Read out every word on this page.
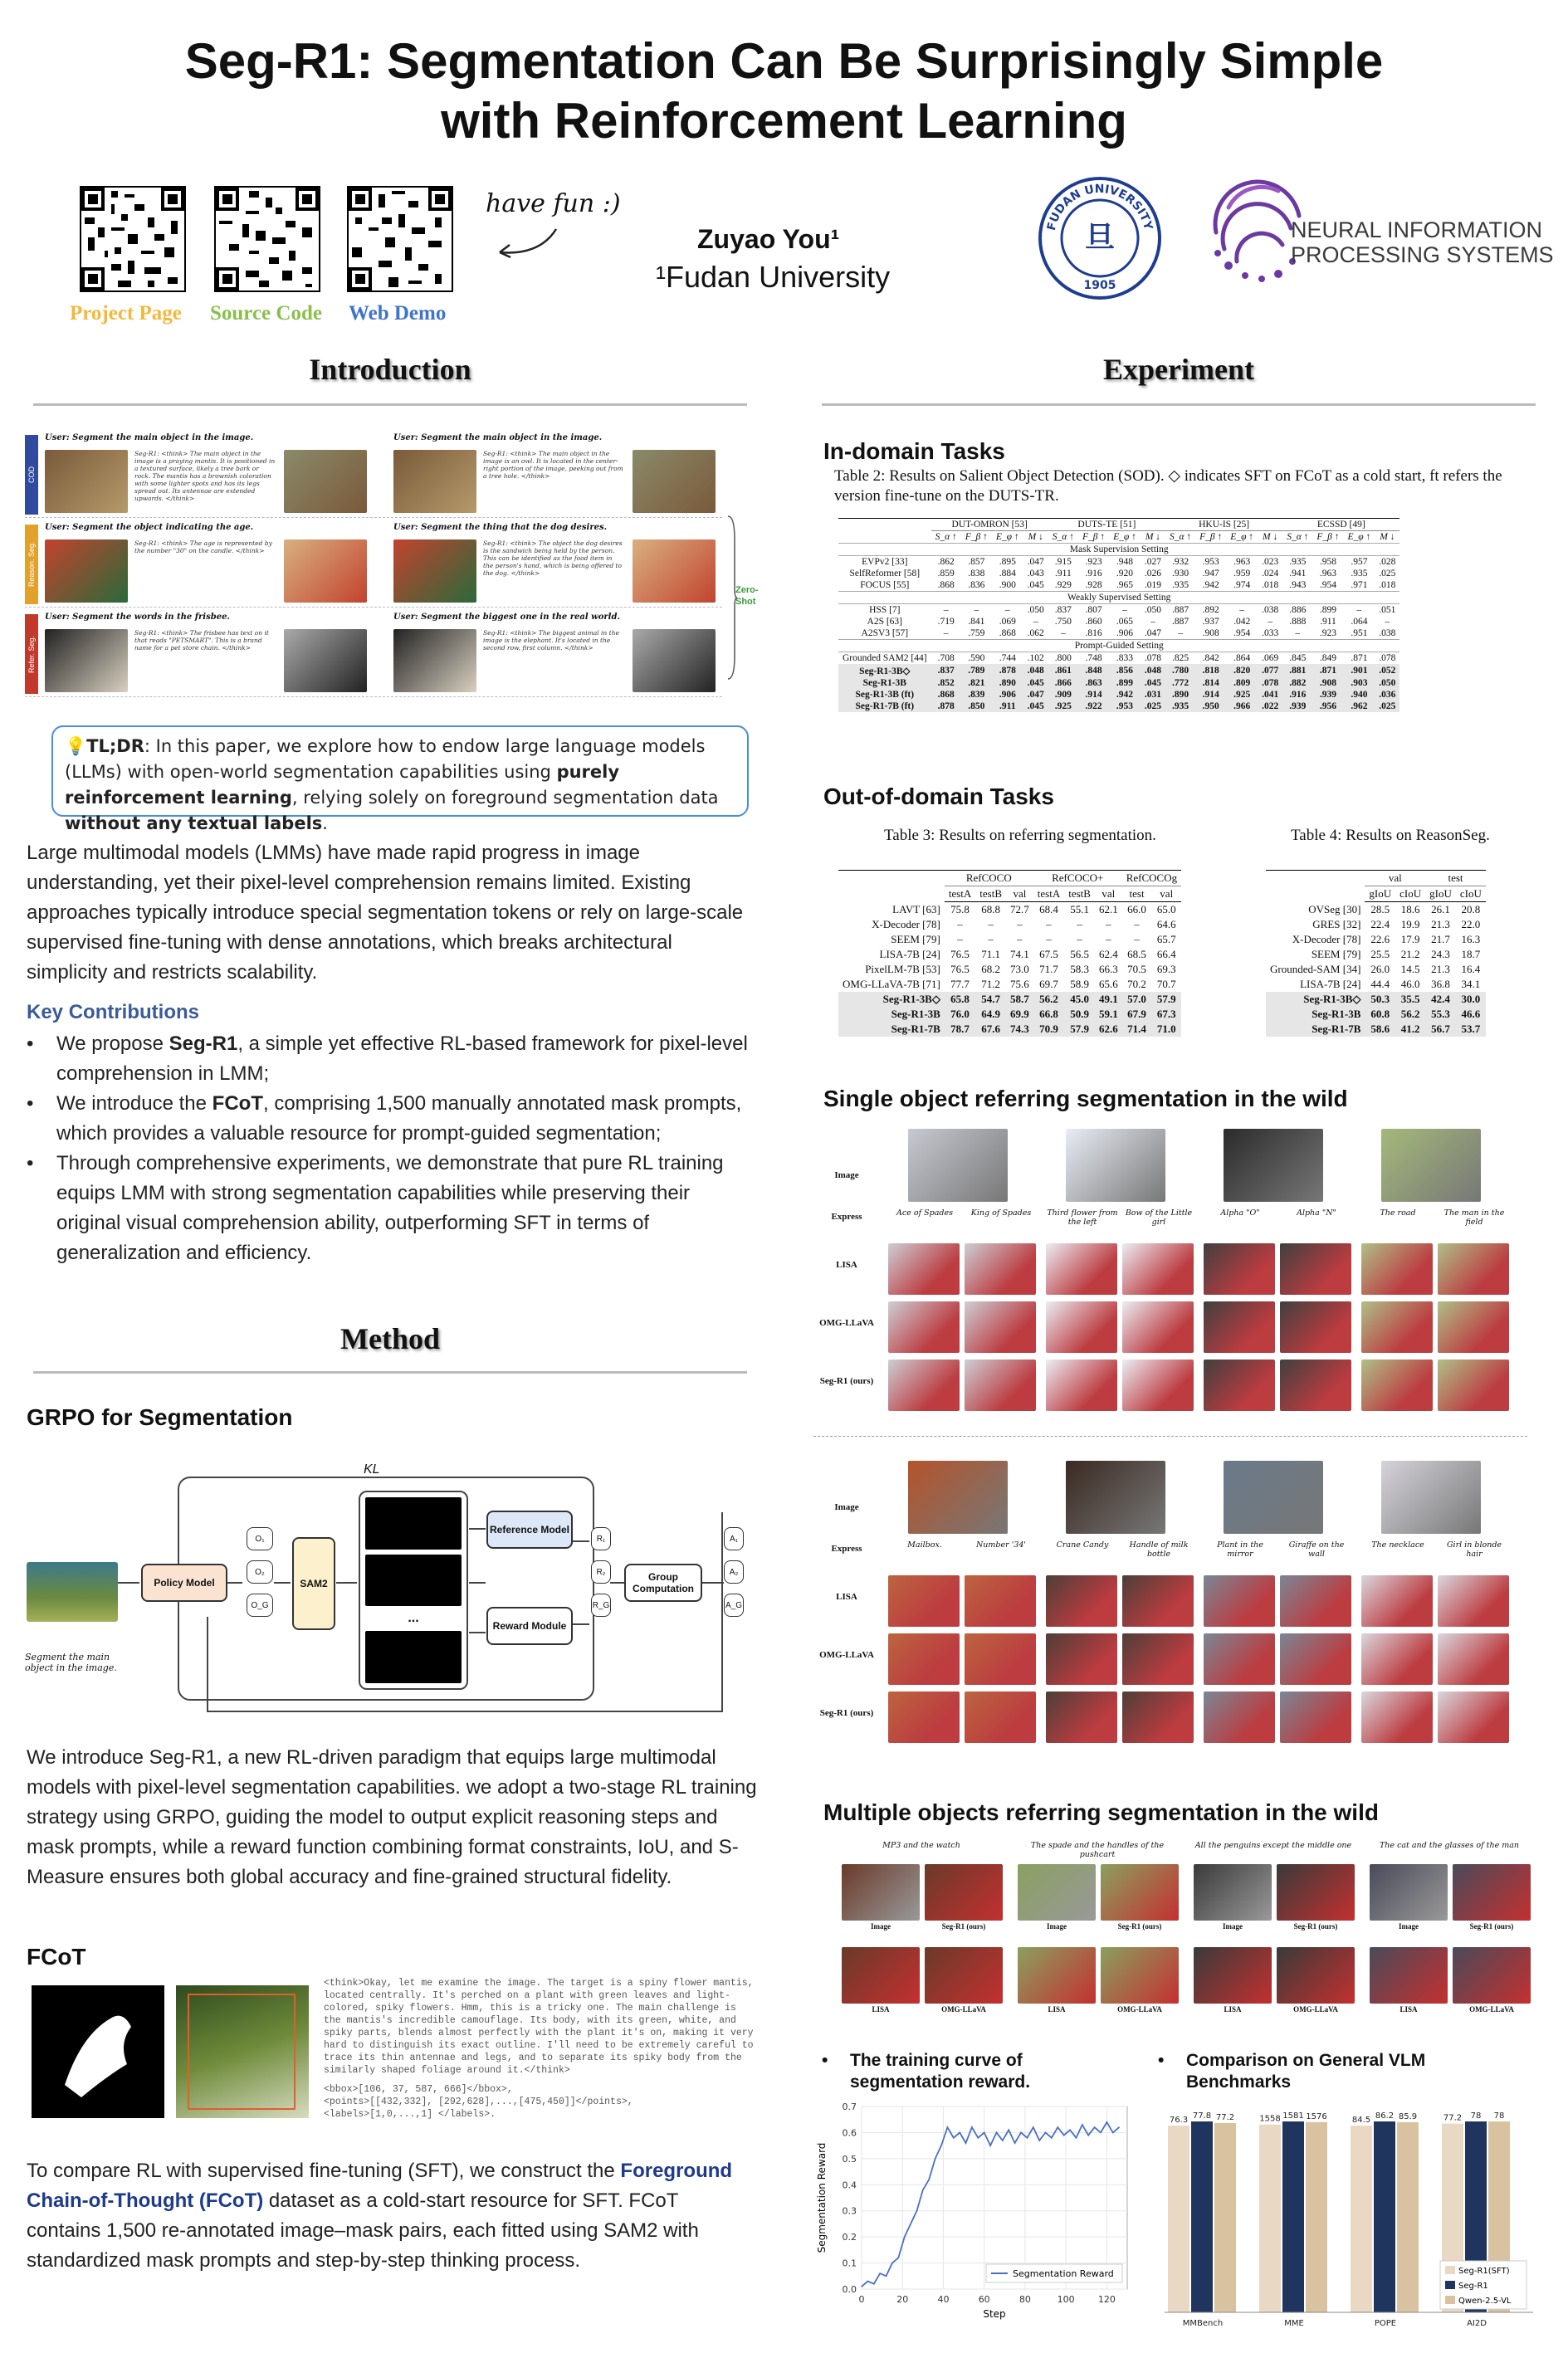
Seg-R1: Segmentation Can Be Surprisingly Simple
with Reinforcement Learning
Project Page Source Code Web Demo
have fun :)
Zuyao You¹
¹Fudan University
旦
FUDAN UNIVERSITY
1905
NEURAL INFORMATION
PROCESSING SYSTEMS
Introduction
COD
User: Segment the main object in the image.
Seg-R1: <think> The main object in the image is a praying mantis. It is positioned in a textured surface, likely a tree bark or rock. The mantis has a brownish coloration with some lighter spots and has its legs spread out. Its antennae are extended upwards. </think>
User: Segment the main object in the image.
Seg-R1: <think> The main object in the image is an owl. It is located in the center-right portion of the image, peeking out from a tree hole. </think>
Reason. Seg.
User: Segment the object indicating the age.
Seg-R1: <think> The age is represented by the number "30" on the candle. </think>
User: Segment the thing that the dog desires.
Seg-R1: <think> The object the dog desires is the sandwich being held by the person. This can be identified as the food item in the person's hand, which is being offered to the dog. </think>
Refer. Seg.
User: Segment the words in the frisbee.
Seg-R1: <think> The frisbee has text on it that reads "PETSMART". This is a brand name for a pet store chain. </think>
User: Segment the biggest one in the real world.
Seg-R1: <think> The biggest animal in the image is the elephant. It's located in the second row, first column. </think>
Zero-Shot
💡TL;DR: In this paper, we explore how to endow large language models (LLMs) with open-world segmentation capabilities using purely reinforcement learning, relying solely on foreground segmentation data without any textual labels.
Large multimodal models (LMMs) have made rapid progress in image understanding, yet their pixel-level comprehension remains limited. Existing approaches typically introduce special segmentation tokens or rely on large-scale supervised fine-tuning with dense annotations, which breaks architectural simplicity and restricts scalability.
Key Contributions
•	We propose Seg-R1, a simple yet effective RL-based framework for pixel-level comprehension in LMM;
•	We introduce the FCoT, comprising 1,500 manually annotated mask prompts, which provides a valuable resource for prompt-guided segmentation;
•	Through comprehensive experiments, we demonstrate that pure RL training equips LMM with strong segmentation capabilities while preserving their original visual comprehension ability, outperforming SFT in terms of generalization and efficiency.
Method
GRPO for Segmentation
Segment the main object in the image.
Policy Model
O₁
O₂
O_G
SAM2
KL
...
Reference Model
Reward Module
R₁
R₂
R_G
Group Computation
A₁
A₂
A_G
We introduce Seg-R1, a new RL-driven paradigm that equips large multimodal models with pixel-level segmentation capabilities. we adopt a two-stage RL training strategy using GRPO, guiding the model to output explicit reasoning steps and mask prompts, while a reward function combining format constraints, IoU, and S-Measure ensures both global accuracy and fine-grained structural fidelity.
FCoT
<think>Okay, let me examine the image. The target is a spiny flower mantis, located centrally. It's perched on a plant with green leaves and light-colored, spiky flowers. Hmm, this is a tricky one. The main challenge is the mantis's incredible camouflage. Its body, with its green, white, and spiky parts, blends almost perfectly with the plant it's on, making it very hard to distinguish its exact outline. I'll need to be extremely careful to trace its thin antennae and legs, and to separate its spiky body from the similarly shaped foliage around it.</think>
<bbox>[106, 37, 587, 666]</bbox>,
<points>[[432,332], [292,628],...,[475,450]]</points>,
<labels>[1,0,...,1] </labels>.
To compare RL with supervised fine-tuning (SFT), we construct the Foreground Chain-of-Thought (FCoT) dataset as a cold-start resource for SFT. FCoT contains 1,500 re-annotated image–mask pairs, each fitted using SAM2 with standardized mask prompts and step-by-step thinking process.
Experiment
In-domain Tasks
Table 2: Results on Salient Object Detection (SOD). ◇ indicates SFT on FCoT as a cold start, ft refers the version fine-tune on the DUTS-TR.
	DUT-OMRON [53]				DUTS-TE [51]				HKU-IS [25]				ECSSD [49]			
	S_α ↑	F_β ↑	E_φ ↑	M ↓	S_α ↑	F_β ↑	E_φ ↑	M ↓	S_α ↑	F_β ↑	E_φ ↑	M ↓	S_α ↑	F_β ↑	E_φ ↑	M ↓
Mask Supervision Setting																
EVPv2 [33]	.862	.857	.895	.047	.915	.923	.948	.027	.932	.953	.963	.023	.935	.958	.957	.028
SelfReformer [58]	.859	.838	.884	.043	.911	.916	.920	.026	.930	.947	.959	.024	.941	.963	.935	.025
FOCUS [55]	.868	.836	.900	.045	.929	.928	.965	.019	.935	.942	.974	.018	.943	.954	.971	.018
Weakly Supervised Setting																
HSS [7]	–	–	–	.050	.837	.807	–	.050	.887	.892	–	.038	.886	.899	–	.051
A2S [63]	.719	.841	.069	–	.750	.860	.065	–	.887	.937	.042	–	.888	.911	.064	–
A2SV3 [57]	–	.759	.868	.062	–	.816	.906	.047	–	.908	.954	.033	–	.923	.951	.038
Prompt-Guided Setting																
Grounded SAM2 [44]	.708	.590	.744	.102	.800	.748	.833	.078	.825	.842	.864	.069	.845	.849	.871	.078
Seg-R1-3B◇	.837	.789	.878	.048	.861	.848	.856	.048	.780	.818	.820	.077	.881	.871	.901	.052
Seg-R1-3B	.852	.821	.890	.045	.866	.863	.899	.045	.772	.814	.809	.078	.882	.908	.903	.050
Seg-R1-3B (ft)	.868	.839	.906	.047	.909	.914	.942	.031	.890	.914	.925	.041	.916	.939	.940	.036
Seg-R1-7B (ft)	.878	.850	.911	.045	.925	.922	.953	.025	.935	.950	.966	.022	.939	.956	.962	.025
Out-of-domain Tasks
Table 3: Results on referring segmentation.
	RefCOCO			RefCOCO+			RefCOCOg	
	testA	testB	val	testA	testB	val	test	val
LAVT [63]	75.8	68.8	72.7	68.4	55.1	62.1	66.0	65.0
X-Decoder [78]	–	–	–	–	–	–	–	64.6
SEEM [79]	–	–	–	–	–	–	–	65.7
LISA-7B [24]	76.5	71.1	74.1	67.5	56.5	62.4	68.5	66.4
PixelLM-7B [53]	76.5	68.2	73.0	71.7	58.3	66.3	70.5	69.3
OMG-LLaVA-7B [71]	77.7	71.2	75.6	69.7	58.9	65.6	70.2	70.7
Seg-R1-3B◇	65.8	54.7	58.7	56.2	45.0	49.1	57.0	57.9
Seg-R1-3B	76.0	64.9	69.9	66.8	50.9	59.1	67.9	67.3
Seg-R1-7B	78.7	67.6	74.3	70.9	57.9	62.6	71.4	71.0
Table 4: Results on ReasonSeg.
	val		test	
	gIoU	cIoU	gIoU	cIoU
OVSeg [30]	28.5	18.6	26.1	20.8
GRES [32]	22.4	19.9	21.3	22.0
X-Decoder [78]	22.6	17.9	21.7	16.3
SEEM [79]	25.5	21.2	24.3	18.7
Grounded-SAM [34]	26.0	14.5	21.3	16.4
LISA-7B [24]	44.4	46.0	36.8	34.1
Seg-R1-3B◇	50.3	35.5	42.4	30.0
Seg-R1-3B	60.8	56.2	55.3	46.6
Seg-R1-7B	58.6	41.2	56.7	53.7
Single object referring segmentation in the wild
Image
Express
LISA
OMG-LLaVA
Seg-R1 (ours)
Ace of Spades	King of Spades	Third flower from the left
Bow of the Little girl
Alpha "O"	Alpha "N"	The road	The man in the field
Image
Express
LISA
OMG-LLaVA
Seg-R1 (ours)
Mailbox.	Number '34'	Crane Candy	Handle of milk bottle
Plant in the mirror
Giraffe on the wall
The necklace	Girl in blonde hair
Multiple objects referring segmentation in the wild
MP3 and the watch
Image	Seg-R1 (ours)
LISA	OMG-LLaVA
The spade and the handles of the pushcart
Image	Seg-R1 (ours)
LISA	OMG-LLaVA
All the penguins except the middle one
Image	Seg-R1 (ours)
LISA	OMG-LLaVA
The cat and the glasses of the man
Image	Seg-R1 (ours)
LISA	OMG-LLaVA
•	The training curve of segmentation reward.
•	Comparison on General VLM Benchmarks
0.0
0.1
0.2
0.3
0.4
0.5
0.6
0.7
0	20	40	60	80	100	120
Step
Segmentation Reward
Segmentation Reward
76.3 77.8 77.2
MMBench
1558 1581 1576
MME
84.5 86.2 85.9
POPE
77.2 78 78
AI2D
Seg-R1(SFT)
Seg-R1
Qwen-2.5-VL
